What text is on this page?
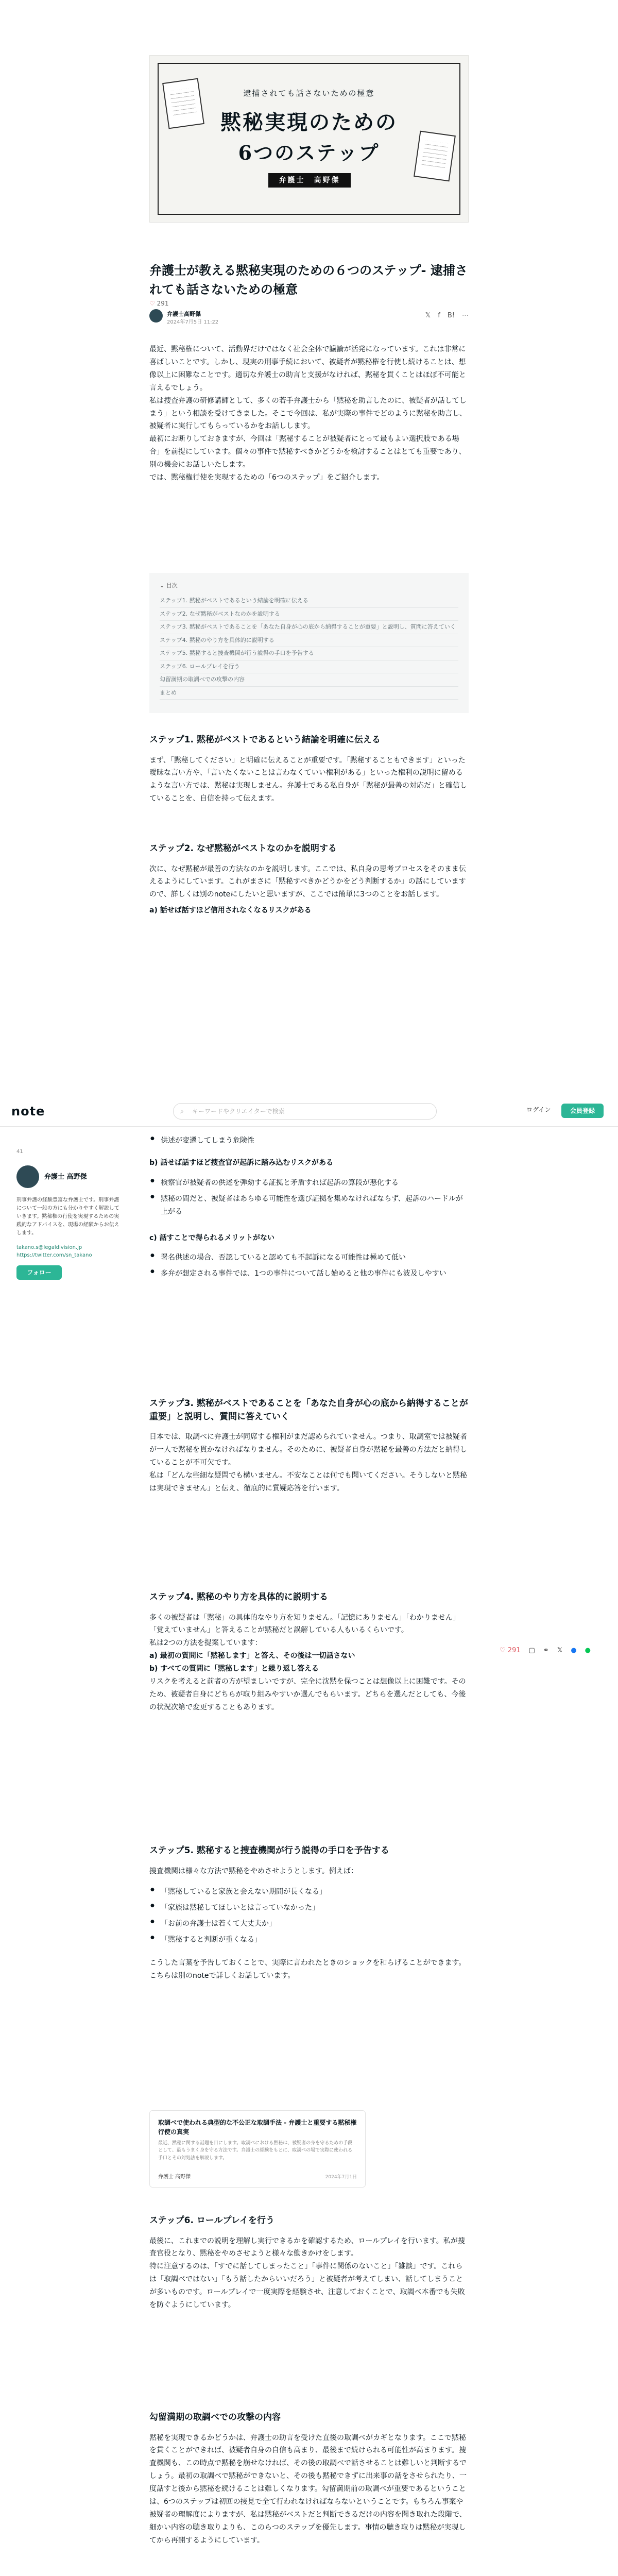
逮捕されても話さないための極意
黙秘実現のための
6つのステップ
弁護士　高野傑
弁護士が教える黙秘実現のための６つのステップ- 逮捕されても話さないための極意
♡ 291
弁護士高野傑
2024年7月5日 11:22
𝕏 f B! ⋯

最近、黙秘権について、活動界だけではなく社会全体で議論が活発になっています。これは非常に喜ばしいことです。しかし、現実の刑事手続において、被疑者が黙秘権を行使し続けることは、想像以上に困難なことです。適切な弁護士の助言と支援がなければ、黙秘を貫くことはほぼ不可能と言えるでしょう。

私は捜査弁護の研修講師として、多くの若手弁護士から「黙秘を助言したのに、被疑者が話してしまう」という相談を受けてきました。そこで今回は、私が実際の事件でどのように黙秘を助言し、被疑者に実行してもらっているかをお話しします。

最初にお断りしておきますが、今回は「黙秘することが被疑者にとって最もよい選択肢である場合」を前提にしています。個々の事件で黙秘すべきかどうかを検討することはとても重要であり、別の機会にお話しいたします。

では、黙秘権行使を実現するための「6つのステップ」をご紹介します。

⌄ 目次
ステップ1. 黙秘がベストであるという結論を明確に伝える
ステップ2. なぜ黙秘がベストなのかを説明する
ステップ3. 黙秘がベストであることを「あなた自身が心の底から納得することが重要」と説明し、質問に答えていく
ステップ4. 黙秘のやり方を具体的に説明する
ステップ5. 黙秘すると捜査機関が行う説得の手口を予告する
ステップ6. ロールプレイを行う
勾留満期の取調べでの攻撃の内容
まとめ
ステップ1. 黙秘がベストであるという結論を明確に伝える

まず、「黙秘してください」と明確に伝えることが重要です。「黙秘することもできます」といった曖昧な言い方や、「言いたくないことは言わなくていい権利がある」といった権利の説明に留めるような言い方では、黙秘は実現しません。弁護士である私自身が「黙秘が最善の対応だ」と確信していることを、自信を持って伝えます。

ステップ2. なぜ黙秘がベストなのかを説明する

次に、なぜ黙秘が最善の方法なのかを説明します。ここでは、私自身の思考プロセスをそのまま伝えるようにしています。これがまさに「黙秘すべきかどうかをどう判断するか」の話にしていますので、詳しくは別のnoteにしたいと思いますが、ここでは簡単に3つのことをお話します。

a) 話せば話すほど信用されなくなるリスクがある

note	⌕ キーワードやクリエイターで検索	ログイン	会員登録
41
弁護士 高野傑
刑事弁護の経験豊富な弁護士です。刑事弁護について一般の方にも分かりやすく解説していきます。黙秘権の行使を実現するための実践的なアドバイスを、現場の経験からお伝えします。
takano.s@legaldivision.jp
https://twitter.com/sn_takano
フォロー
● 供述が変遷してしまう危険性

b) 話せば話すほど捜査官が起訴に踏み込むリスクがある

● 検察官が被疑者の供述を弾劾する証拠と矛盾すれば起訴の算段が悪化する
● 黙秘の間だと、被疑者はあらゆる可能性を選び証拠を集めなければならず、起訴のハードルが上がる

c) 話すことで得られるメリットがない

● 署名供述の場合、否認していると認めても不起訴になる可能性は極めて低い
● 多弁が想定される事件では、1つの事件について話し始めると他の事件にも波及しやすい
ステップ3. 黙秘がベストであることを「あなた自身が心の底から納得することが重要」と説明し、質問に答えていく

日本では、取調べに弁護士が同席する権利がまだ認められていません。つまり、取調室では被疑者が一人で黙秘を貫かなければなりません。そのために、被疑者自身が黙秘を最善の方法だと納得していることが不可欠です。

私は「どんな些細な疑問でも構いません。不安なことは何でも聞いてください。そうしないと黙秘は実現できません」と伝え、徹底的に質疑応答を行います。

ステップ4. 黙秘のやり方を具体的に説明する

多くの被疑者は「黙秘」の具体的なやり方を知りません。「記憶にありません」「わかりません」「覚えていません」と答えることが黙秘だと誤解している人もいるくらいです。

私は2つの方法を提案しています：

a) 最初の質問に「黙秘します」と答え、その後は一切話さない

b) すべての質問に「黙秘します」と繰り返し答える

リスクを考えると前者の方が望ましいですが、完全に沈黙を保つことは想像以上に困難です。そのため、被疑者自身にどちらが取り組みやすいか選んでもらいます。どちらを選んだとしても、今後の状況次第で変更することもあります。

♡ 291 ▢ ⚭ 𝕏 ● ●
ステップ5. 黙秘すると捜査機関が行う説得の手口を予告する

捜査機関は様々な方法で黙秘をやめさせようとします。例えば：

● 「黙秘していると家族と会えない期間が長くなる」
● 「家族は黙秘してほしいとは言っていなかった」
● 「お前の弁護士は若くて大丈夫か」
● 「黙秘すると判断が重くなる」

こうした言葉を予告しておくことで、実際に言われたときのショックを和らげることができます。こちらは別のnoteで詳しくお話しています。

取調べで使われる典型的な不公正な取調手法 - 弁護士と重要する黙秘権行使の真実
最近、黙秘に関する話題を目にします。取調べにおける黙秘は、被疑者の身を守るための手段として、最もうまく身を守る方法です。弁護士の経験をもとに、取調べの場で実際に使われる手口とその対処法を解説します。
弁護士 高野傑	2024年7月1日
ステップ6. ロールプレイを行う

最後に、これまでの説明を理解し実行できるかを確認するため、ロールプレイを行います。私が捜査官役となり、黙秘をやめさせようと様々な働きかけをします。

特に注意するのは、「すでに話してしまったこと」「事件に関係のないこと」「雑談」です。これらは「取調べではない」「もう話したからいいだろう」と被疑者が考えてしまい、話してしまうことが多いものです。ロールプレイで一度実際を経験させ、注意しておくことで、取調べ本番でも失敗を防ぐようにしています。

勾留満期の取調べでの攻撃の内容

黙秘を実現できるかどうかは、弁護士の助言を受けた直後の取調べがカギとなります。ここで黙秘を貫くことができれば、被疑者自身の自信も高まり、最後まで続けられる可能性が高まります。捜査機関も、この時点で黙秘を崩せなければ、その後の取調べで話させることは難しいと判断するでしょう。最初の取調べで黙秘ができないと、その後も黙秘できずに出来事の話をさせられたり、一度話すと後から黙秘を続けることは難しくなります。勾留満期前の取調べが重要であるということは、6つのステップは初回の接見で全て行われなければならないということです。もちろん事案や被疑者の理解度によりますが、私は黙秘がベストだと判断できるだけの内容を聞き取れた段階で、細かい内容の聴き取りよりも、このらつのステップを優先します。事情の聴き取りは黙秘が実現してから再開するようにしています。
